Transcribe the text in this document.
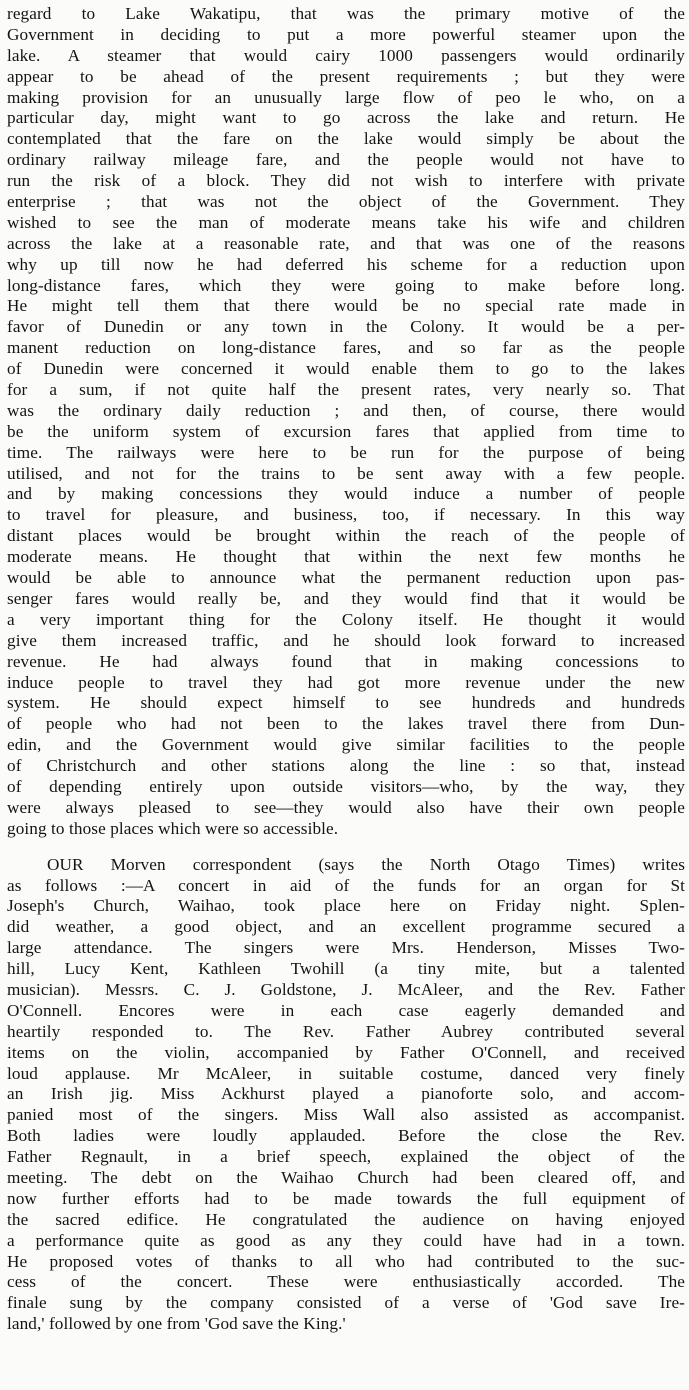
regard to Lake Wakatipu, that was the primary motive of the
Government in deciding to put a more powerful steamer upon the
lake. A steamer that would cairy 1000 passengers would ordinarily
appear to be ahead of the present requirements ; but they were
making provision for an unusually large flow of peo le who, on a
particular day, might want to go across the lake and return. He
contemplated that the fare on the lake would simply be about the
ordinary railway mileage fare, and the people would not have to
run the risk of a block. They did not wish to interfere with private
enterprise ; that was not the object of the Government. They
wished to see the man of moderate means take his wife and children
across the lake at a reasonable rate, and that was one of the reasons
why up till now he had deferred his scheme for a reduction upon
long-distance fares, which they were going to make before long.
He might tell them that there would be no special rate made in
favor of Dunedin or any town in the Colony. It would be a per-
manent reduction on long-distance fares, and so far as the people
of Dunedin were concerned it would enable them to go to the lakes
for a sum, if not quite half the present rates, very nearly so. That
was the ordinary daily reduction ; and then, of course, there would
be the uniform system of excursion fares that applied from time to
time. The railways were here to be run for the purpose of being
utilised, and not for the trains to be sent away with a few people.
and by making concessions they would induce a number of people
to travel for pleasure, and business, too, if necessary. In this way
distant places would be brought within the reach of the people of
moderate means. He thought that within the next few months he
would be able to announce what the permanent reduction upon pas-
senger fares would really be, and they would find that it would be
a very important thing for the Colony itself. He thought it would
give them increased traffic, and he should look forward to increased
revenue. He had always found that in making concessions to
induce people to travel they had got more revenue under the new
system. He should expect himself to see hundreds and hundreds
of people who had not been to the lakes travel there from Dun-
edin, and the Government would give similar facilities to the people
of Christchurch and other stations along the line : so that, instead
of depending entirely upon outside visitors—who, by the way, they
were always pleased to see—they would also have their own people
going to those places which were so accessible.
OUR Morven correspondent (says the North Otago Times) writes
as follows :—A concert in aid of the funds for an organ for St
Joseph's Church, Waihao, took place here on Friday night. Splen-
did weather, a good object, and an excellent programme secured a
large attendance. The singers were Mrs. Henderson, Misses Two-
hill, Lucy Kent, Kathleen Twohill (a tiny mite, but a talented
musician). Messrs. C. J. Goldstone, J. McAleer, and the Rev. Father
O'Connell. Encores were in each case eagerly demanded and
heartily responded to. The Rev. Father Aubrey contributed several
items on the violin, accompanied by Father O'Connell, and received
loud applause. Mr McAleer, in suitable costume, danced very finely
an Irish jig. Miss Ackhurst played a pianoforte solo, and accom-
panied most of the singers. Miss Wall also assisted as accompanist.
Both ladies were loudly applauded. Before the close the Rev.
Father Regnault, in a brief speech, explained the object of the
meeting. The debt on the Waihao Church had been cleared off, and
now further efforts had to be made towards the full equipment of
the sacred edifice. He congratulated the audience on having enjoyed
a performance quite as good as any they could have had in a town.
He proposed votes of thanks to all who had contributed to the suc-
cess of the concert. These were enthusiastically accorded. The
finale sung by the company consisted of a verse of 'God save Ire-
land,' followed by one from 'God save the King.'
